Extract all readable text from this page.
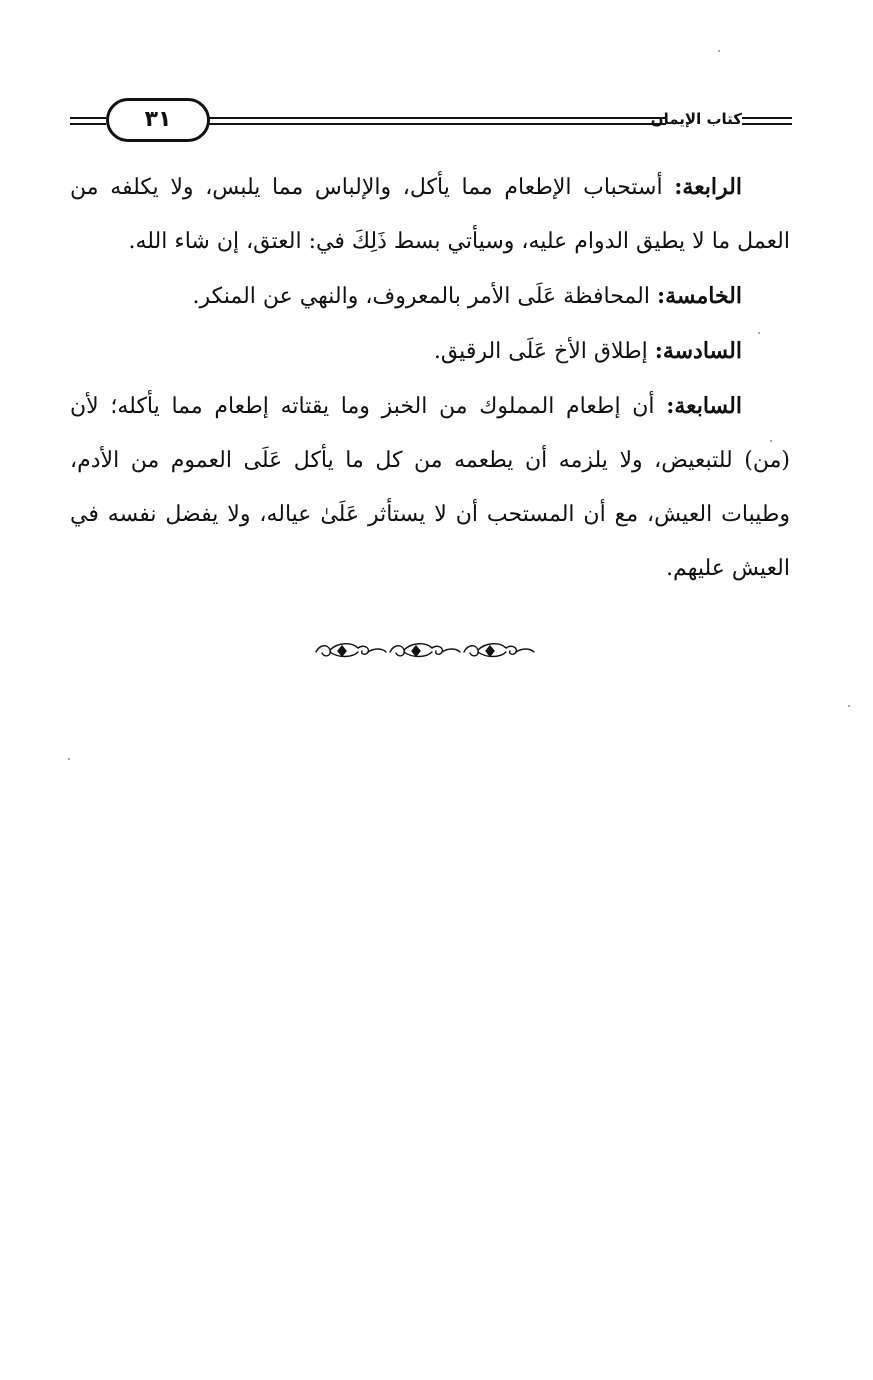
٣١	كتاب الإيمان

الرابعة: أستحباب الإطعام مما يأكل، والإلباس مما يلبس، ولا يكلفه من العمل ما لا يطيق الدوام عليه، وسيأتي بسط ذَلِكَ في: العتق، إن شاء الله.

الخامسة: المحافظة عَلَى الأمر بالمعروف، والنهي عن المنكر.

السادسة: إطلاق الأخ عَلَى الرقيق.

السابعة: أن إطعام المملوك من الخبز وما يقتاته إطعام مما يأكله؛ لأن (من) للتبعيض، ولا يلزمه أن يطعمه من كل ما يأكل عَلَى العموم من الأدم، وطيبات العيش، مع أن المستحب أن لا يستأثر عَلَىٰ عياله، ولا يفضل نفسه في العيش عليهم.
